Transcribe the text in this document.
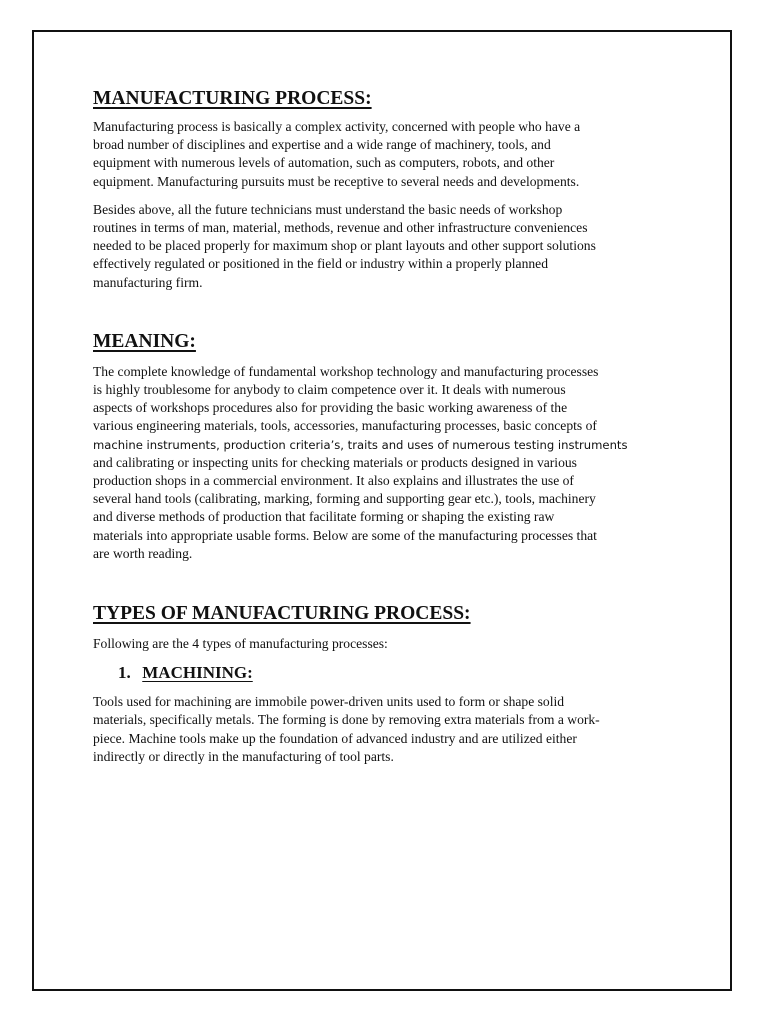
MANUFACTURING PROCESS:
Manufacturing process is basically a complex activity, concerned with people who have a
broad number of disciplines and expertise and a wide range of machinery, tools, and
equipment with numerous levels of automation, such as computers, robots, and other
equipment. Manufacturing pursuits must be receptive to several needs and developments.
Besides above, all the future technicians must understand the basic needs of workshop
routines in terms of man, material, methods, revenue and other infrastructure conveniences
needed to be placed properly for maximum shop or plant layouts and other support solutions
effectively regulated or positioned in the field or industry within a properly planned
manufacturing firm.
MEANING:
The complete knowledge of fundamental workshop technology and manufacturing processes
is highly troublesome for anybody to claim competence over it. It deals with numerous
aspects of workshops procedures also for providing the basic working awareness of the
various engineering materials, tools, accessories, manufacturing processes, basic concepts of
machine instruments, production criteria’s, traits and uses of numerous testing instruments
and calibrating or inspecting units for checking materials or products designed in various
production shops in a commercial environment. It also explains and illustrates the use of
several hand tools (calibrating, marking, forming and supporting gear etc.), tools, machinery
and diverse methods of production that facilitate forming or shaping the existing raw
materials into appropriate usable forms. Below are some of the manufacturing processes that
are worth reading.
TYPES OF MANUFACTURING PROCESS:
Following are the 4 types of manufacturing processes:
1. MACHINING:
Tools used for machining are immobile power-driven units used to form or shape solid
materials, specifically metals. The forming is done by removing extra materials from a work-
piece. Machine tools make up the foundation of advanced industry and are utilized either
indirectly or directly in the manufacturing of tool parts.
